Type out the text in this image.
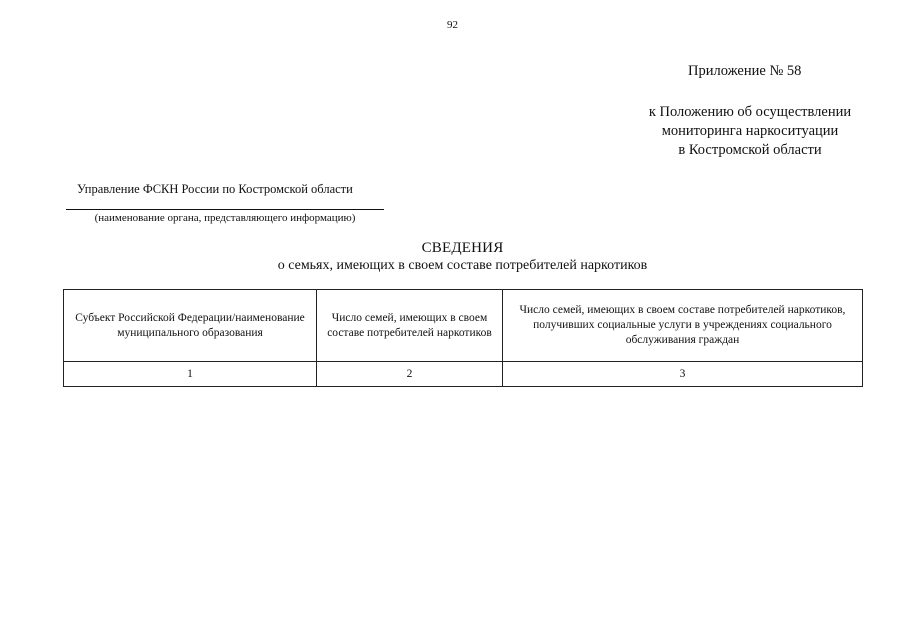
92
Приложение № 58
к Положению об осуществлении
мониторинга наркоситуации
в Костромской области
Управление ФСКН России по Костромской области
(наименование органа, представляющего информацию)
СВЕДЕНИЯ
о семьях, имеющих в своем составе потребителей наркотиков
Субъект Российской Федерации/наименование муниципального образования	Число семей, имеющих в своем составе потребителей наркотиков	Число семей, имеющих в своем составе потребителей наркотиков, получивших социальные услуги в учреждениях социального обслуживания граждан
1	2	3
